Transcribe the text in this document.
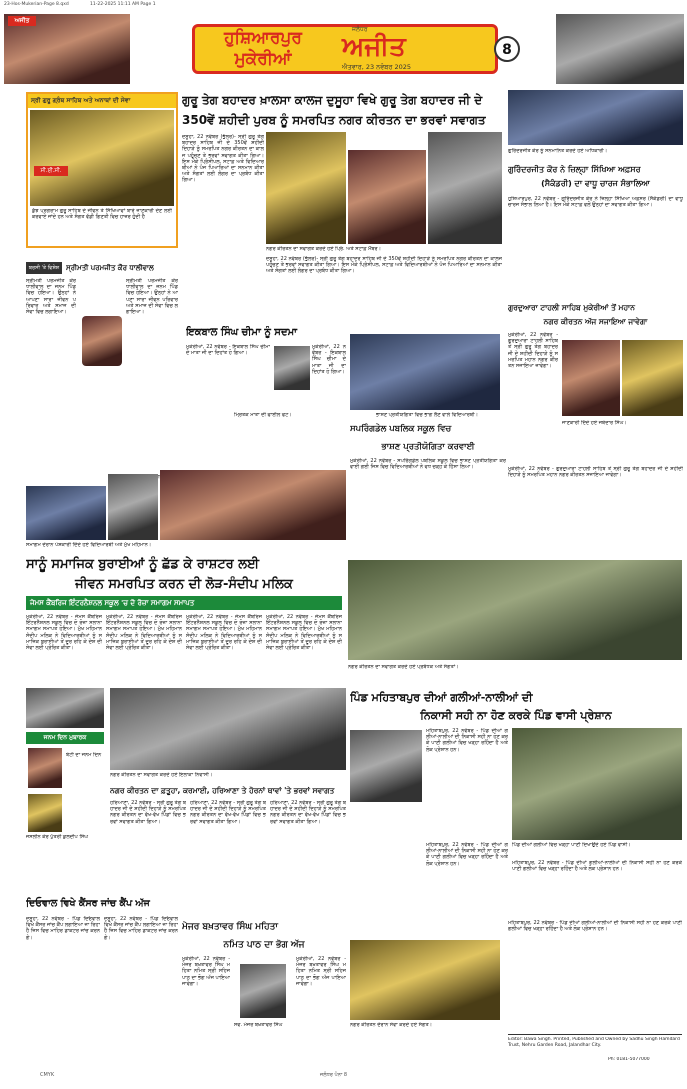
23-Hos-Mukerian-Page 8.qxd	11-22-2025 11:11 AM Page 1
ਅਜੀਤ
ਹੁਸ਼ਿਆਰਪੁਰ ਮੁਕੇਰੀਆਂ
ਜਲੰਧਰ
ਅਜੀਤ
ਐਤਵਾਰ, 23 ਨਵੰਬਰ 2025
8
ਸ੍ਰੀ ਗੁਰੂ ਗ੍ਰੰਥ ਸਾਹਿਬ ਅਤੇ ਅਨਾਥਾਂ ਦੀ ਸੇਵਾ
ਸੀ.ਈ.ਸੀ.
ਕੁੱਝ ਪ੍ਰੋਗਰਾਮ ਗੁਰੂ ਸਾਹਿਬ ਦੇ ਜੀਵਨ ਤੇ ਸਿੱਖਿਆਵਾਂ ਬਾਰੇ ਜਾਣਕਾਰੀ ਦੇਣ ਲਈ ਕਰਵਾਏ ਜਾਂਦੇ ਹਨ ਅਤੇ ਸੰਗਤ ਵੱਡੀ ਗਿਣਤੀ ਵਿਚ ਹਾਜ਼ਰ ਹੁੰਦੀ ਹੈ
ਗੁਰੂ ਤੇਗ ਬਹਾਦਰ ਖ਼ਾਲਸਾ ਕਾਲਜ ਦੁਸੂਹਾ ਵਿਖੇ ਗੁਰੂ ਤੇਗ ਬਹਾਦਰ ਜੀ ਦੇ
350ਵੇਂ ਸ਼ਹੀਦੀ ਪੁਰਬ ਨੂੰ ਸਮਰਪਿਤ ਨਗਰ ਕੀਰਤਨ ਦਾ ਭਰਵਾਂ ਸਵਾਗਤ
ਦਸੂਹਾ, 22 ਨਵੰਬਰ (ਭੁੱਲਰ)- ਸ੍ਰੀ ਗੁਰੂ ਤੇਗ ਬਹਾਦਰ ਸਾਹਿਬ ਜੀ ਦੇ 350ਵੇਂ ਸ਼ਹੀਦੀ ਦਿਹਾੜੇ ਨੂੰ ਸਮਰਪਿਤ ਨਗਰ ਕੀਰਤਨ ਦਾ ਕਾਲਜ ਪਹੁੰਚਣ ਤੇ ਭਰਵਾਂ ਸਵਾਗਤ ਕੀਤਾ ਗਿਆ। ਇਸ ਮੌਕੇ ਪ੍ਰਿੰਸੀਪਲ, ਸਟਾਫ਼ ਅਤੇ ਵਿਦਿਆਰਥੀਆਂ ਨੇ ਪੰਜ ਪਿਆਰਿਆਂ ਦਾ ਸਨਮਾਨ ਕੀਤਾ ਅਤੇ ਸੰਗਤਾਂ ਲਈ ਲੰਗਰ ਦਾ ਪ੍ਰਬੰਧ ਕੀਤਾ ਗਿਆ।
ਨਗਰ ਕੀਰਤਨ ਦਾ ਸਵਾਗਤ ਕਰਦੇ ਹੋਏ ਪ੍ਰਿੰ. ਅਤੇ ਸਟਾਫ਼ ਮੈਂਬਰ।
ਦਸੂਹਾ, 22 ਨਵੰਬਰ (ਭੁੱਲਰ)- ਸ੍ਰੀ ਗੁਰੂ ਤੇਗ ਬਹਾਦਰ ਸਾਹਿਬ ਜੀ ਦੇ 350ਵੇਂ ਸ਼ਹੀਦੀ ਦਿਹਾੜੇ ਨੂੰ ਸਮਰਪਿਤ ਨਗਰ ਕੀਰਤਨ ਦਾ ਕਾਲਜ ਪਹੁੰਚਣ ਤੇ ਭਰਵਾਂ ਸਵਾਗਤ ਕੀਤਾ ਗਿਆ। ਇਸ ਮੌਕੇ ਪ੍ਰਿੰਸੀਪਲ, ਸਟਾਫ਼ ਅਤੇ ਵਿਦਿਆਰਥੀਆਂ ਨੇ ਪੰਜ ਪਿਆਰਿਆਂ ਦਾ ਸਨਮਾਨ ਕੀਤਾ ਅਤੇ ਸੰਗਤਾਂ ਲਈ ਲੰਗਰ ਦਾ ਪ੍ਰਬੰਧ ਕੀਤਾ ਗਿਆ।
ਗੁਰਿੰਦਰਜੀਤ ਕੌਰ ਨੂੰ ਸਨਮਾਨਿਤ ਕਰਦੇ ਹੋਏ ਅਧਿਕਾਰੀ।
ਗੁਰਿੰਦਰਜੀਤ ਕੌਰ ਨੇ ਜ਼ਿਲ੍ਹਾ ਸਿੱਖਿਆ ਅਫ਼ਸਰ
(ਸੈਕੰਡਰੀ) ਦਾ ਵਾਧੂ ਚਾਰਜ ਸੰਭਾਲਿਆ
ਹੁਸ਼ਿਆਰਪੁਰ, 22 ਨਵੰਬਰ - ਗੁਰਿੰਦਰਜੀਤ ਕੌਰ ਨੇ ਜ਼ਿਲ੍ਹਾ ਸਿੱਖਿਆ ਅਫ਼ਸਰ (ਸੈਕੰਡਰੀ) ਦਾ ਵਾਧੂ ਚਾਰਜ ਸੰਭਾਲ ਲਿਆ ਹੈ। ਇਸ ਮੌਕੇ ਸਟਾਫ਼ ਵਲੋਂ ਉਨ੍ਹਾਂ ਦਾ ਸਵਾਗਤ ਕੀਤਾ ਗਿਆ।
ਗੁਰਦੁਆਰਾ ਟਾਹਲੀ ਸਾਹਿਬ ਮੁਕੇਰੀਆਂ ਤੋਂ ਮਹਾਨ
ਨਗਰ ਕੀਰਤਨ ਅੱਜ ਸਜਾਇਆ ਜਾਵੇਗਾ
ਮੁਕੇਰੀਆਂ, 22 ਨਵੰਬਰ - ਗੁਰਦੁਆਰਾ ਟਾਹਲੀ ਸਾਹਿਬ ਤੋਂ ਸ੍ਰੀ ਗੁਰੂ ਤੇਗ ਬਹਾਦਰ ਜੀ ਦੇ ਸ਼ਹੀਦੀ ਦਿਹਾੜੇ ਨੂੰ ਸਮਰਪਿਤ ਮਹਾਨ ਨਗਰ ਕੀਰਤਨ ਸਜਾਇਆ ਜਾਵੇਗਾ।
ਜਾਣਕਾਰੀ ਦਿੰਦੇ ਹੋਏ ਜਥੇਦਾਰ ਸਿੰਘ।
ਮੁਕੇਰੀਆਂ, 22 ਨਵੰਬਰ - ਗੁਰਦੁਆਰਾ ਟਾਹਲੀ ਸਾਹਿਬ ਤੋਂ ਸ੍ਰੀ ਗੁਰੂ ਤੇਗ ਬਹਾਦਰ ਜੀ ਦੇ ਸ਼ਹੀਦੀ ਦਿਹਾੜੇ ਨੂੰ ਸਮਰਪਿਤ ਮਹਾਨ ਨਗਰ ਕੀਰਤਨ ਸਜਾਇਆ ਜਾਵੇਗਾ।
ਬਰਸੀ 'ਤੇ ਵਿਸ਼ੇਸ਼ ਸ੍ਰੀਮਤੀ ਪਰਮਜੀਤ ਕੌਰ ਧਾਲੀਵਾਲ
ਸ੍ਰੀਮਤੀ ਪਰਮਜੀਤ ਕੌਰ ਧਾਲੀਵਾਲ ਦਾ ਜਨਮ ਪਿੰਡ ਵਿਚ ਹੋਇਆ। ਉਨ੍ਹਾਂ ਨੇ ਆਪਣਾ ਸਾਰਾ ਜੀਵਨ ਪਰਿਵਾਰ ਅਤੇ ਸਮਾਜ ਦੀ ਸੇਵਾ ਵਿਚ ਲਗਾਇਆ।
ਸ੍ਰੀਮਤੀ ਪਰਮਜੀਤ ਕੌਰ ਧਾਲੀਵਾਲ ਦਾ ਜਨਮ ਪਿੰਡ ਵਿਚ ਹੋਇਆ। ਉਨ੍ਹਾਂ ਨੇ ਆਪਣਾ ਸਾਰਾ ਜੀਵਨ ਪਰਿਵਾਰ ਅਤੇ ਸਮਾਜ ਦੀ ਸੇਵਾ ਵਿਚ ਲਗਾਇਆ।
ਇਕਬਾਲ ਸਿੰਘ ਚੀਮਾ ਨੂੰ ਸਦਮਾ
ਮੁਕੇਰੀਆਂ, 22 ਨਵੰਬਰ - ਇਕਬਾਲ ਸਿੰਘ ਚੀਮਾ ਦੇ ਮਾਤਾ ਜੀ ਦਾ ਦਿਹਾਂਤ ਹੋ ਗਿਆ।
ਮ੍ਰਿਤਕ ਮਾਤਾ ਦੀ ਫਾਈਲ ਫੋਟੋ।
ਮੁਕੇਰੀਆਂ, 22 ਨਵੰਬਰ - ਇਕਬਾਲ ਸਿੰਘ ਚੀਮਾ ਦੇ ਮਾਤਾ ਜੀ ਦਾ ਦਿਹਾਂਤ ਹੋ ਗਿਆ।
ਭਾਸ਼ਣ ਪ੍ਰਤੀਯੋਗਿਤਾ ਵਿਚ ਭਾਗ ਲੈਣ ਵਾਲੇ ਵਿਦਿਆਰਥੀ।
ਸਪਰਿੰਗਡੇਲ ਪਬਲਿਕ ਸਕੂਲ ਵਿਚ
ਭਾਸ਼ਣ ਪ੍ਰਤੀਯੋਗਿਤਾ ਕਰਵਾਈ
ਮੁਕੇਰੀਆਂ, 22 ਨਵੰਬਰ - ਸਪਰਿੰਗਡੇਲ ਪਬਲਿਕ ਸਕੂਲ ਵਿਚ ਭਾਸ਼ਣ ਪ੍ਰਤੀਯੋਗਿਤਾ ਕਰਵਾਈ ਗਈ ਜਿਸ ਵਿਚ ਵਿਦਿਆਰਥੀਆਂ ਨੇ ਵਧ ਚੜ੍ਹ ਕੇ ਹਿੱਸਾ ਲਿਆ।
ਸਮਾਗਮ ਦੌਰਾਨ ਪੇਸ਼ਕਾਰੀ ਦਿੰਦੇ ਹੋਏ ਵਿਦਿਆਰਥੀ ਅਤੇ ਮੁੱਖ ਮਹਿਮਾਨ।
ਸਾਨੂੰ ਸਮਾਜਿਕ ਬੁਰਾਈਆਂ ਨੂੰ ਛੱਡ ਕੇ ਰਾਸ਼ਟਰ ਲਈ
ਜੀਵਨ ਸਮਰਪਿਤ ਕਰਨ ਦੀ ਲੋੜ-ਸੰਦੀਪ ਮਲਿਕ
ਜੇਮਸ ਕੈਂਬਰਿਜ ਇੰਟਰਨੈਸ਼ਨਲ ਸਕੂਲ 'ਚ ਦੋ ਰੋਜ਼ਾ ਸਮਾਗਮ ਸਮਾਪਤ
ਮੁਕੇਰੀਆਂ, 22 ਨਵੰਬਰ - ਜੇਮਸ ਕੈਂਬਰਿਜ ਇੰਟਰਨੈਸ਼ਨਲ ਸਕੂਲ ਵਿਚ ਦੋ ਰੋਜ਼ਾ ਸਲਾਨਾ ਸਮਾਗਮ ਸਮਾਪਤ ਹੋਇਆ। ਮੁੱਖ ਮਹਿਮਾਨ ਸੰਦੀਪ ਮਲਿਕ ਨੇ ਵਿਦਿਆਰਥੀਆਂ ਨੂੰ ਸਮਾਜਿਕ ਬੁਰਾਈਆਂ ਤੋਂ ਦੂਰ ਰਹਿ ਕੇ ਦੇਸ਼ ਦੀ ਸੇਵਾ ਲਈ ਪ੍ਰੇਰਿਤ ਕੀਤਾ।
ਮੁਕੇਰੀਆਂ, 22 ਨਵੰਬਰ - ਜੇਮਸ ਕੈਂਬਰਿਜ ਇੰਟਰਨੈਸ਼ਨਲ ਸਕੂਲ ਵਿਚ ਦੋ ਰੋਜ਼ਾ ਸਲਾਨਾ ਸਮਾਗਮ ਸਮਾਪਤ ਹੋਇਆ। ਮੁੱਖ ਮਹਿਮਾਨ ਸੰਦੀਪ ਮਲਿਕ ਨੇ ਵਿਦਿਆਰਥੀਆਂ ਨੂੰ ਸਮਾਜਿਕ ਬੁਰਾਈਆਂ ਤੋਂ ਦੂਰ ਰਹਿ ਕੇ ਦੇਸ਼ ਦੀ ਸੇਵਾ ਲਈ ਪ੍ਰੇਰਿਤ ਕੀਤਾ।
ਮੁਕੇਰੀਆਂ, 22 ਨਵੰਬਰ - ਜੇਮਸ ਕੈਂਬਰਿਜ ਇੰਟਰਨੈਸ਼ਨਲ ਸਕੂਲ ਵਿਚ ਦੋ ਰੋਜ਼ਾ ਸਲਾਨਾ ਸਮਾਗਮ ਸਮਾਪਤ ਹੋਇਆ। ਮੁੱਖ ਮਹਿਮਾਨ ਸੰਦੀਪ ਮਲਿਕ ਨੇ ਵਿਦਿਆਰਥੀਆਂ ਨੂੰ ਸਮਾਜਿਕ ਬੁਰਾਈਆਂ ਤੋਂ ਦੂਰ ਰਹਿ ਕੇ ਦੇਸ਼ ਦੀ ਸੇਵਾ ਲਈ ਪ੍ਰੇਰਿਤ ਕੀਤਾ।
ਮੁਕੇਰੀਆਂ, 22 ਨਵੰਬਰ - ਜੇਮਸ ਕੈਂਬਰਿਜ ਇੰਟਰਨੈਸ਼ਨਲ ਸਕੂਲ ਵਿਚ ਦੋ ਰੋਜ਼ਾ ਸਲਾਨਾ ਸਮਾਗਮ ਸਮਾਪਤ ਹੋਇਆ। ਮੁੱਖ ਮਹਿਮਾਨ ਸੰਦੀਪ ਮਲਿਕ ਨੇ ਵਿਦਿਆਰਥੀਆਂ ਨੂੰ ਸਮਾਜਿਕ ਬੁਰਾਈਆਂ ਤੋਂ ਦੂਰ ਰਹਿ ਕੇ ਦੇਸ਼ ਦੀ ਸੇਵਾ ਲਈ ਪ੍ਰੇਰਿਤ ਕੀਤਾ।
ਨਗਰ ਕੀਰਤਨ ਦਾ ਸਵਾਗਤ ਕਰਦੇ ਹੋਏ ਪ੍ਰਬੰਧਕ ਅਤੇ ਸੰਗਤਾਂ।
ਜਨਮ ਦਿਨ ਮੁਬਾਰਕ
ਬੇਟੀ ਦਾ ਜਨਮ ਦਿਨ
ਜਸਲੀਨ ਕੌਰ ਪੁੱਤਰੀ ਕੁਲਦੀਪ ਸਿੰਘ
ਨਗਰ ਕੀਰਤਨ ਦਾ ਸਵਾਗਤ ਕਰਦੇ ਹੋਏ ਇਲਾਕਾ ਨਿਵਾਸੀ।
ਨਗਰ ਕੀਰਤਨ ਦਾ ਫ਼ਤੂਹਾ, ਕਰਮਾਈ, ਹਰਿਆਣਾ ਤੇ ਹੋਰਨਾਂ ਥਾਵਾਂ 'ਤੇ ਭਰਵਾਂ ਸਵਾਗਤ
ਹਰਿਆਣਾ, 22 ਨਵੰਬਰ - ਸ੍ਰੀ ਗੁਰੂ ਤੇਗ ਬਹਾਦਰ ਜੀ ਦੇ ਸ਼ਹੀਦੀ ਦਿਹਾੜੇ ਨੂੰ ਸਮਰਪਿਤ ਨਗਰ ਕੀਰਤਨ ਦਾ ਵੱਖ-ਵੱਖ ਪਿੰਡਾਂ ਵਿਚ ਭਰਵਾਂ ਸਵਾਗਤ ਕੀਤਾ ਗਿਆ।
ਹਰਿਆਣਾ, 22 ਨਵੰਬਰ - ਸ੍ਰੀ ਗੁਰੂ ਤੇਗ ਬਹਾਦਰ ਜੀ ਦੇ ਸ਼ਹੀਦੀ ਦਿਹਾੜੇ ਨੂੰ ਸਮਰਪਿਤ ਨਗਰ ਕੀਰਤਨ ਦਾ ਵੱਖ-ਵੱਖ ਪਿੰਡਾਂ ਵਿਚ ਭਰਵਾਂ ਸਵਾਗਤ ਕੀਤਾ ਗਿਆ।
ਹਰਿਆਣਾ, 22 ਨਵੰਬਰ - ਸ੍ਰੀ ਗੁਰੂ ਤੇਗ ਬਹਾਦਰ ਜੀ ਦੇ ਸ਼ਹੀਦੀ ਦਿਹਾੜੇ ਨੂੰ ਸਮਰਪਿਤ ਨਗਰ ਕੀਰਤਨ ਦਾ ਵੱਖ-ਵੱਖ ਪਿੰਡਾਂ ਵਿਚ ਭਰਵਾਂ ਸਵਾਗਤ ਕੀਤਾ ਗਿਆ।
ਪਿੰਡ ਮਹਿਤਾਬਪੁਰ ਦੀਆਂ ਗਲੀਆਂ-ਨਾਲੀਆਂ ਦੀ
ਨਿਕਾਸੀ ਸਹੀ ਨਾ ਹੋਣ ਕਰਕੇ ਪਿੰਡ ਵਾਸੀ ਪ੍ਰੇਸ਼ਾਨ
ਮਹਿਤਾਬਪੁਰ, 22 ਨਵੰਬਰ - ਪਿੰਡ ਦੀਆਂ ਗਲੀਆਂ-ਨਾਲੀਆਂ ਦੀ ਨਿਕਾਸੀ ਸਹੀ ਨਾ ਹੋਣ ਕਰਕੇ ਪਾਣੀ ਗਲੀਆਂ ਵਿਚ ਖੜ੍ਹਾ ਰਹਿੰਦਾ ਹੈ ਅਤੇ ਲੋਕ ਪ੍ਰੇਸ਼ਾਨ ਹਨ।
ਪਿੰਡ ਦੀਆਂ ਗਲੀਆਂ ਵਿਚ ਖੜ੍ਹਾ ਪਾਣੀ ਦਿਖਾਉਂਦੇ ਹੋਏ ਪਿੰਡ ਵਾਸੀ।
ਮਹਿਤਾਬਪੁਰ, 22 ਨਵੰਬਰ - ਪਿੰਡ ਦੀਆਂ ਗਲੀਆਂ-ਨਾਲੀਆਂ ਦੀ ਨਿਕਾਸੀ ਸਹੀ ਨਾ ਹੋਣ ਕਰਕੇ ਪਾਣੀ ਗਲੀਆਂ ਵਿਚ ਖੜ੍ਹਾ ਰਹਿੰਦਾ ਹੈ ਅਤੇ ਲੋਕ ਪ੍ਰੇਸ਼ਾਨ ਹਨ।	ਮਹਿਤਾਬਪੁਰ, 22 ਨਵੰਬਰ - ਪਿੰਡ ਦੀਆਂ ਗਲੀਆਂ-ਨਾਲੀਆਂ ਦੀ ਨਿਕਾਸੀ ਸਹੀ ਨਾ ਹੋਣ ਕਰਕੇ ਪਾਣੀ ਗਲੀਆਂ ਵਿਚ ਖੜ੍ਹਾ ਰਹਿੰਦਾ ਹੈ ਅਤੇ ਲੋਕ ਪ੍ਰੇਸ਼ਾਨ ਹਨ।
ਦਿਓਵਾਲ ਵਿਖੇ ਕੈਂਸਰ ਜਾਂਚ ਕੈਂਪ ਅੱਜ
ਦਸੂਹਾ, 22 ਨਵੰਬਰ - ਪਿੰਡ ਦਿਓਵਾਲ ਵਿਖੇ ਕੈਂਸਰ ਜਾਂਚ ਕੈਂਪ ਲਗਾਇਆ ਜਾ ਰਿਹਾ ਹੈ ਜਿਸ ਵਿਚ ਮਾਹਿਰ ਡਾਕਟਰ ਜਾਂਚ ਕਰਨਗੇ।
ਦਸੂਹਾ, 22 ਨਵੰਬਰ - ਪਿੰਡ ਦਿਓਵਾਲ ਵਿਖੇ ਕੈਂਸਰ ਜਾਂਚ ਕੈਂਪ ਲਗਾਇਆ ਜਾ ਰਿਹਾ ਹੈ ਜਿਸ ਵਿਚ ਮਾਹਿਰ ਡਾਕਟਰ ਜਾਂਚ ਕਰਨਗੇ।
ਮੇਜਰ ਬਖ਼ਤਾਵਰ ਸਿੰਘ ਮਹਿਤਾ
ਨਮਿਤ ਪਾਠ ਦਾ ਭੋਗ ਅੱਜ
ਮੁਕੇਰੀਆਂ, 22 ਨਵੰਬਰ - ਮੇਜਰ ਬਖ਼ਤਾਵਰ ਸਿੰਘ ਮਹਿਤਾ ਨਮਿਤ ਸ੍ਰੀ ਸਹਿਜ ਪਾਠ ਦਾ ਭੋਗ ਅੱਜ ਪਾਇਆ ਜਾਵੇਗਾ।
ਸਵ. ਮੇਜਰ ਬਖ਼ਤਾਵਰ ਸਿੰਘ
ਮੁਕੇਰੀਆਂ, 22 ਨਵੰਬਰ - ਮੇਜਰ ਬਖ਼ਤਾਵਰ ਸਿੰਘ ਮਹਿਤਾ ਨਮਿਤ ਸ੍ਰੀ ਸਹਿਜ ਪਾਠ ਦਾ ਭੋਗ ਅੱਜ ਪਾਇਆ ਜਾਵੇਗਾ।
ਨਗਰ ਕੀਰਤਨ ਦੌਰਾਨ ਸੇਵਾ ਕਰਦੇ ਹੋਏ ਸੰਗਤ।
ਮਹਿਤਾਬਪੁਰ, 22 ਨਵੰਬਰ - ਪਿੰਡ ਦੀਆਂ ਗਲੀਆਂ-ਨਾਲੀਆਂ ਦੀ ਨਿਕਾਸੀ ਸਹੀ ਨਾ ਹੋਣ ਕਰਕੇ ਪਾਣੀ ਗਲੀਆਂ ਵਿਚ ਖੜ੍ਹਾ ਰਹਿੰਦਾ ਹੈ ਅਤੇ ਲੋਕ ਪ੍ਰੇਸ਼ਾਨ ਹਨ।
Editor: Bawa Singh. Printed, Published and Owned by Sadhu Singh Hamdard Trust, Nehru Garden Road, Jalandhar City.
Ph: 0181-5077000
CMYK	ਜਲੰਧਰ ਪੰਨਾ 8
